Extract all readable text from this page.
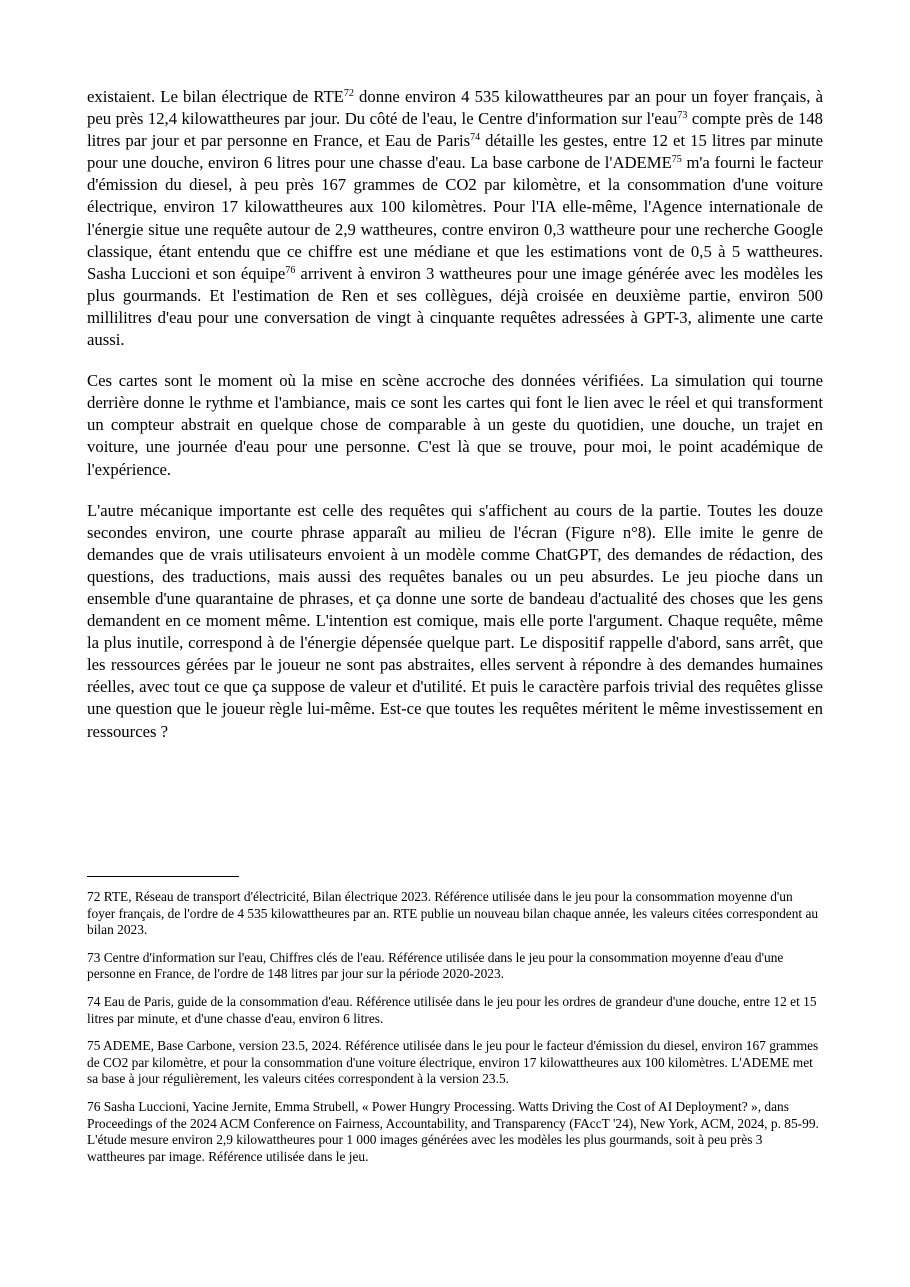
existaient. Le bilan électrique de RTE$^{72}$ donne environ 4 535 kilowattheures par an pour un foyer français, à peu près 12,4 kilowattheures par jour. Du côté de l'eau, le Centre d'information sur l'eau$^{73}$ compte près de 148 litres par jour et par personne en France, et Eau de Paris$^{74}$ détaille les gestes, entre 12 et 15 litres par minute pour une douche, environ 6 litres pour une chasse d'eau. La base carbone de l'ADEME$^{75}$ m'a fourni le facteur d'émission du diesel, à peu près 167 grammes de CO2 par kilomètre, et la consommation d'une voiture électrique, environ 17 kilowattheures aux 100 kilomètres. Pour l'IA elle-même, l'Agence internationale de l'énergie situe une requête autour de 2,9 wattheures, contre environ 0,3 wattheure pour une recherche Google classique, étant entendu que ce chiffre est une médiane et que les estimations vont de 0,5 à 5 wattheures. Sasha Luccioni et son équipe$^{76}$ arrivent à environ 3 wattheures pour une image générée avec les modèles les plus gourmands. Et l'estimation de Ren et ses collègues, déjà croisée en deuxième partie, environ 500 millilitres d'eau pour une conversation de vingt à cinquante requêtes adressées à GPT-3, alimente une carte aussi.

Ces cartes sont le moment où la mise en scène accroche des données vérifiées. La simulation qui tourne derrière donne le rythme et l'ambiance, mais ce sont les cartes qui font le lien avec le réel et qui transforment un compteur abstrait en quelque chose de comparable à un geste du quotidien, une douche, un trajet en voiture, une journée d'eau pour une personne. C'est là que se trouve, pour moi, le point académique de l'expérience.

L'autre mécanique importante est celle des requêtes qui s'affichent au cours de la partie. Toutes les douze secondes environ, une courte phrase apparaît au milieu de l'écran (Figure n°8). Elle imite le genre de demandes que de vrais utilisateurs envoient à un modèle comme ChatGPT, des demandes de rédaction, des questions, des traductions, mais aussi des requêtes banales ou un peu absurdes. Le jeu pioche dans un ensemble d'une quarantaine de phrases, et ça donne une sorte de bandeau d'actualité des choses que les gens demandent en ce moment même. L'intention est comique, mais elle porte l'argument. Chaque requête, même la plus inutile, correspond à de l'énergie dépensée quelque part. Le dispositif rappelle d'abord, sans arrêt, que les ressources gérées par le joueur ne sont pas abstraites, elles servent à répondre à des demandes humaines réelles, avec tout ce que ça suppose de valeur et d'utilité. Et puis le caractère parfois trivial des requêtes glisse une question que le joueur règle lui-même. Est-ce que toutes les requêtes méritent le même investissement en ressources ?

72 RTE, Réseau de transport d'électricité, Bilan électrique 2023. Référence utilisée dans le jeu pour la consommation moyenne d'un foyer français, de l'ordre de 4 535 kilowattheures par an. RTE publie un nouveau bilan chaque année, les valeurs citées correspondent au bilan 2023.

73 Centre d'information sur l'eau, Chiffres clés de l'eau. Référence utilisée dans le jeu pour la consommation moyenne d'eau d'une personne en France, de l'ordre de 148 litres par jour sur la période 2020-2023.

74 Eau de Paris, guide de la consommation d'eau. Référence utilisée dans le jeu pour les ordres de grandeur d'une douche, entre 12 et 15 litres par minute, et d'une chasse d'eau, environ 6 litres.

75 ADEME, Base Carbone, version 23.5, 2024. Référence utilisée dans le jeu pour le facteur d'émission du diesel, environ 167 grammes de CO2 par kilomètre, et pour la consommation d'une voiture électrique, environ 17 kilowattheures aux 100 kilomètres. L'ADEME met sa base à jour régulièrement, les valeurs citées correspondent à la version 23.5.

76 Sasha Luccioni, Yacine Jernite, Emma Strubell, « Power Hungry Processing. Watts Driving the Cost of AI Deployment? », dans Proceedings of the 2024 ACM Conference on Fairness, Accountability, and Transparency (FAccT '24), New York, ACM, 2024, p. 85-99. L'étude mesure environ 2,9 kilowattheures pour 1 000 images générées avec les modèles les plus gourmands, soit à peu près 3 wattheures par image. Référence utilisée dans le jeu.
